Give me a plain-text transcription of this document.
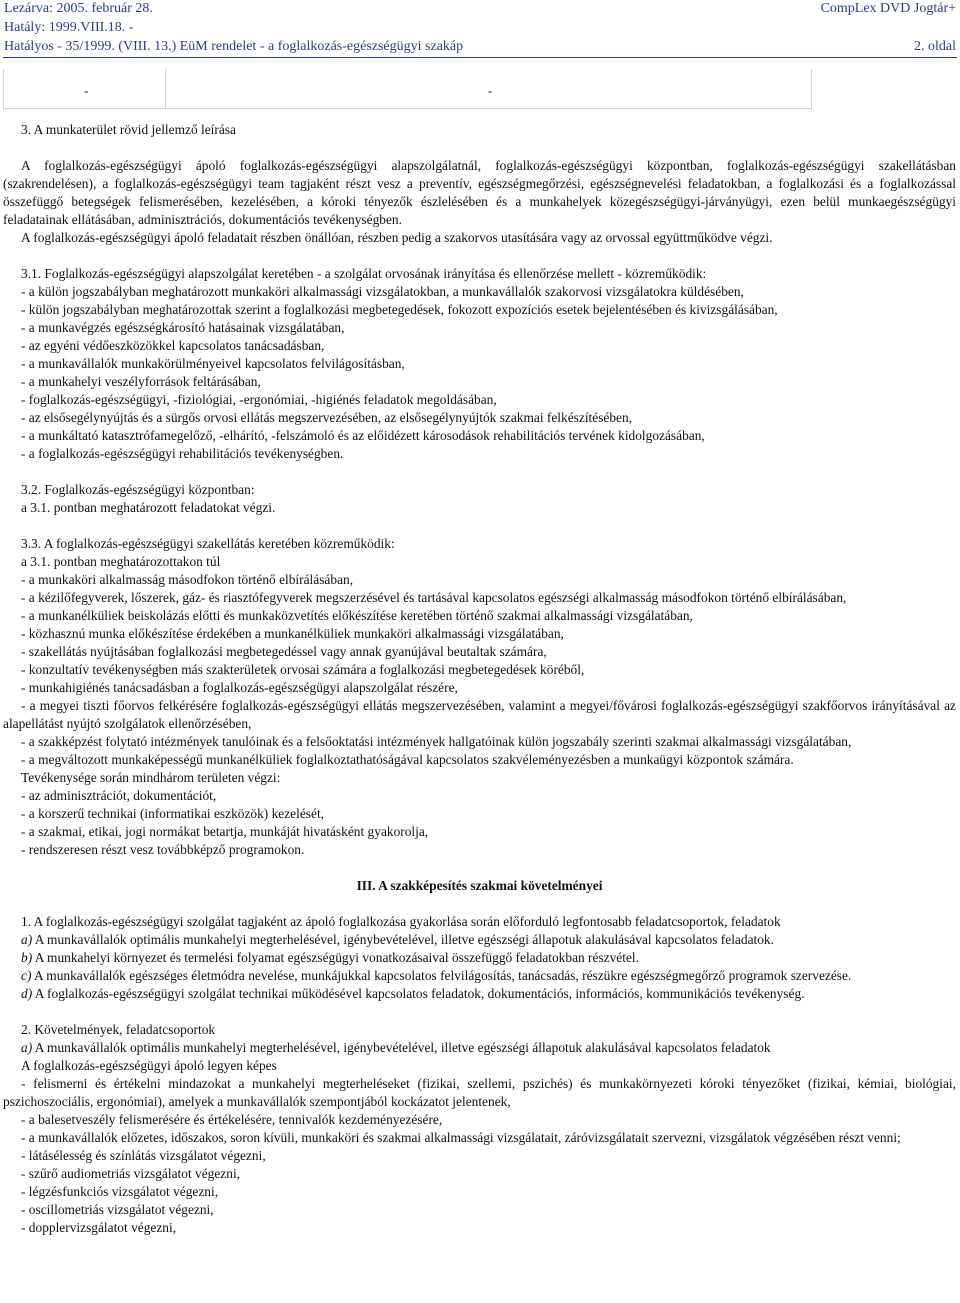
Lezárva: 2005. február 28.
Hatály: 1999.VIII.18. -
Hatályos - 35/1999. (VIII. 13.) EüM rendelet - a foglalkozás-egészségügyi szakáp
CompLex DVD Jogtár+
2. oldal
-	-

3. A munkaterület rövid jellemző leírása

A foglalkozás-egészségügyi ápoló foglalkozás-egészségügyi alapszolgálatnál, foglalkozás-egészségügyi központban, foglalkozás-egészségügyi szakellátásban (szakrendelésen), a foglalkozás-egészségügyi team tagjaként részt vesz a preventív, egészségmegőrzési, egészségnevelési feladatokban, a foglalkozási és a foglalkozással összefüggő betegségek felismerésében, kezelésében, a kóroki tényezők észlelésében és a munkahelyek közegészségügyi-járványügyi, ezen belül munkaegészségügyi feladatainak ellátásában, adminisztrációs, dokumentációs tevékenységben.

A foglalkozás-egészségügyi ápoló feladatait részben önállóan, részben pedig a szakorvos utasítására vagy az orvossal együttműködve végzi.

3.1. Foglalkozás-egészségügyi alapszolgálat keretében - a szolgálat orvosának irányítása és ellenőrzése mellett - közreműködik:

- a külön jogszabályban meghatározott munkaköri alkalmassági vizsgálatokban, a munkavállalók szakorvosi vizsgálatokra küldésében,

- külön jogszabályban meghatározottak szerint a foglalkozási megbetegedések, fokozott expozíciós esetek bejelentésében és kivizsgálásában,

- a munkavégzés egészségkárosító hatásainak vizsgálatában,

- az egyéni védőeszközökkel kapcsolatos tanácsadásban,

- a munkavállalók munkakörülményeivel kapcsolatos felvilágosításban,

- a munkahelyi veszélyforrások feltárásában,

- foglalkozás-egészségügyi, -fiziológiai, -ergonómiai, -higiénés feladatok megoldásában,

- az elsősegélynyújtás és a sürgős orvosi ellátás megszervezésében, az elsősegélynyújtók szakmai felkészítésében,

- a munkáltató katasztrófamegelőző, -elhárító, -felszámoló és az előidézett károsodások rehabilitációs tervének kidolgozásában,

- a foglalkozás-egészségügyi rehabilitációs tevékenységben.

3.2. Foglalkozás-egészségügyi központban:

a 3.1. pontban meghatározott feladatokat végzi.

3.3. A foglalkozás-egészségügyi szakellátás keretében közreműködik:

a 3.1. pontban meghatározottakon túl

- a munkaköri alkalmasság másodfokon történő elbírálásában,

- a kézilőfegyverek, lőszerek, gáz- és riasztófegyverek megszerzésével és tartásával kapcsolatos egészségi alkalmasság másodfokon történő elbírálásában,

- a munkanélküliek beiskolázás előtti és munkaközvetítés előkészítése keretében történő szakmai alkalmassági vizsgálatában,

- közhasznú munka előkészítése érdekében a munkanélküliek munkaköri alkalmassági vizsgálatában,

- szakellátás nyújtásában foglalkozási megbetegedéssel vagy annak gyanújával beutaltak számára,

- konzultatív tevékenységben más szakterületek orvosai számára a foglalkozási megbetegedések köréből,

- munkahigiénés tanácsadásban a foglalkozás-egészségügyi alapszolgálat részére,

- a megyei tiszti főorvos felkérésére foglalkozás-egészségügyi ellátás megszervezésében, valamint a megyei/fővárosi foglalkozás-egészségügyi szakfőorvos irányításával az alapellátást nyújtó szolgálatok ellenőrzésében,

- a szakképzést folytató intézmények tanulóinak és a felsőoktatási intézmények hallgatóinak külön jogszabály szerinti szakmai alkalmassági vizsgálatában,

- a megváltozott munkaképességű munkanélküliek foglalkoztathatóságával kapcsolatos szakvéleményezésben a munkaügyi központok számára.

Tevékenysége során mindhárom területen végzi:

- az adminisztrációt, dokumentációt,

- a korszerű technikai (informatikai eszközök) kezelését,

- a szakmai, etikai, jogi normákat betartja, munkáját hivatásként gyakorolja,

- rendszeresen részt vesz továbbképző programokon.

III. A szakképesítés szakmai követelményei

1. A foglalkozás-egészségügyi szolgálat tagjaként az ápoló foglalkozása gyakorlása során előforduló legfontosabb feladatcsoportok, feladatok

a) A munkavállalók optimális munkahelyi megterhelésével, igénybevételével, illetve egészségi állapotuk alakulásával kapcsolatos feladatok.

b) A munkahelyi környezet és termelési folyamat egészségügyi vonatkozásaival összefüggő feladatokban részvétel.

c) A munkavállalók egészséges életmódra nevelése, munkájukkal kapcsolatos felvilágosítás, tanácsadás, részükre egészségmegőrző programok szervezése.

d) A foglalkozás-egészségügyi szolgálat technikai működésével kapcsolatos feladatok, dokumentációs, információs, kommunikációs tevékenység.

2. Követelmények, feladatcsoportok

a) A munkavállalók optimális munkahelyi megterhelésével, igénybevételével, illetve egészségi állapotuk alakulásával kapcsolatos feladatok

A foglalkozás-egészségügyi ápoló legyen képes

- felismerni és értékelni mindazokat a munkahelyi megterheléseket (fizikai, szellemi, pszichés) és munkakörnyezeti kóroki tényezőket (fizikai, kémiai, biológiai, pszichoszociális, ergonómiai), amelyek a munkavállalók szempontjából kockázatot jelentenek,

- a balesetveszély felismerésére és értékelésére, tennivalók kezdeményezésére,

- a munkavállalók előzetes, időszakos, soron kívüli, munkaköri és szakmai alkalmassági vizsgálatait, záróvizsgálatait szervezni, vizsgálatok végzésében részt venni;

- látásélesség és színlátás vizsgálatot végezni,

- szűrő audiometriás vizsgálatot végezni,

- légzésfunkciós vizsgálatot végezni,

- oscillometriás vizsgálatot végezni,

- dopplervizsgálatot végezni,
